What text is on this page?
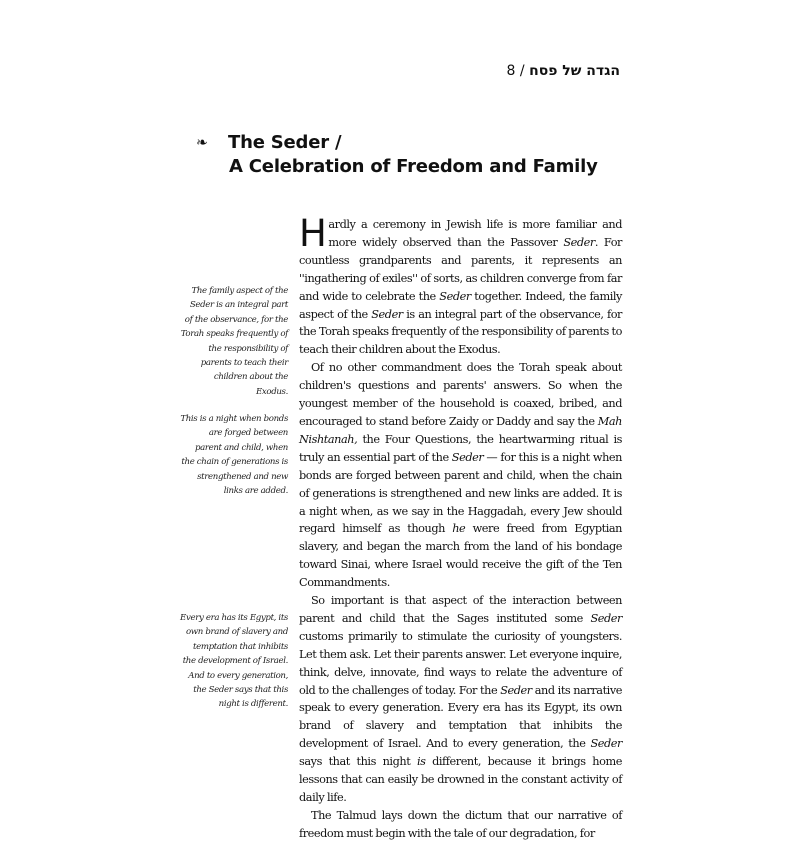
8 / הגדה של פסח
❧ The Seder /
A Celebration of Freedom and Family
The family aspect of the Seder is an integral part of the observance, for the Torah speaks frequently of the responsibility of parents to teach their children about the Exodus.
This is a night when bonds are forged between parent and child, when the chain of generations is strengthened and new links are added.
Every era has its Egypt, its own brand of slavery and temptation that inhibits the development of Israel. And to every generation, the Seder says that this night is different.

Hardly a ceremony in Jewish life is more familiar and more widely observed than the Passover Seder. For countless grandparents and parents, it represents an ''ingathering of exiles'' of sorts, as children converge from far and wide to celebrate the Seder together. Indeed, the family aspect of the Seder is an integral part of the observance, for the Torah speaks frequently of the responsibility of parents to teach their children about the Exodus.

Of no other commandment does the Torah speak about children's questions and parents' answers. So when the youngest member of the household is coaxed, bribed, and encouraged to stand before Zaidy or Daddy and say the Mah Nishtanah, the Four Questions, the heartwarming ritual is truly an essential part of the Seder — for this is a night when bonds are forged between parent and child, when the chain of generations is strengthened and new links are added. It is a night when, as we say in the Haggadah, every Jew should regard himself as though he were freed from Egyptian slavery, and began the march from the land of his bondage toward Sinai, where Israel would receive the gift of the Ten Commandments.

So important is that aspect of the interaction between parent and child that the Sages instituted some Seder customs primarily to stimulate the curiosity of youngsters. Let them ask. Let their parents answer. Let everyone inquire, think, delve, innovate, find ways to relate the adventure of old to the challenges of today. For the Seder and its narrative speak to every generation. Every era has its Egypt, its own brand of slavery and temptation that inhibits the development of Israel. And to every generation, the Seder says that this night is different, because it brings home lessons that can easily be drowned in the constant activity of daily life.

The Talmud lays down the dictum that our narrative of freedom must begin with the tale of our degradation, for
